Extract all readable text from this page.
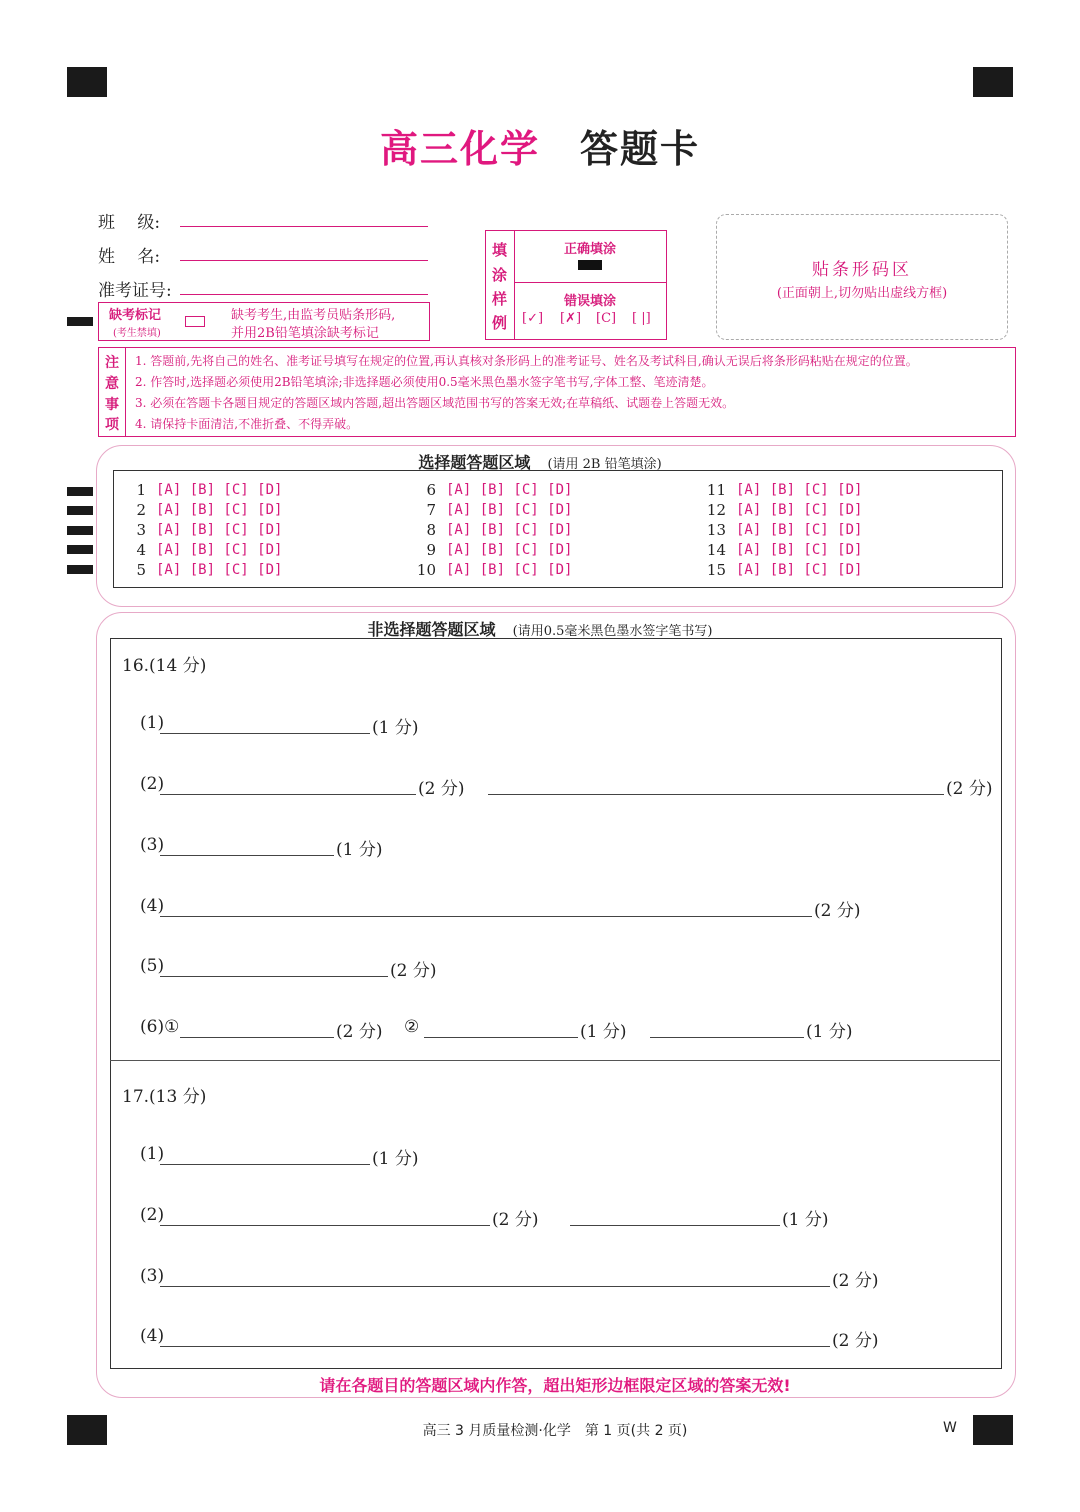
高三化学 答题卡
班　 级:
姓　 名:
准考证号:
缺考标记
(考生禁填)
缺考考生,由监考员贴条形码,
并用2B铅笔填涂缺考标记
填
涂
样
例
正确填涂
错误填涂
[✓] [✗] [C] [ |]
贴条形码区
(正面朝上,切勿贴出虚线方框)
注
意
事
项
1. 答题前,先将自己的姓名、准考证号填写在规定的位置,再认真核对条形码上的准考证号、姓名及考试科目,确认无误后将条形码粘贴在规定的位置。
2. 作答时,选择题必须使用2B铅笔填涂;非选择题必须使用0.5毫米黑色墨水签字笔书写,字体工整、笔迹清楚。
3. 必须在答题卡各题目规定的答题区域内答题,超出答题区域范围书写的答案无效;在草稿纸、试题卷上答题无效。
4. 请保持卡面清洁,不准折叠、不得弄破。
选择题答题区域 (请用 2B 铅笔填涂)
1 [A] [B] [C] [D]
2 [A] [B] [C] [D]
3 [A] [B] [C] [D]
4 [A] [B] [C] [D]
5 [A] [B] [C] [D]
6 [A] [B] [C] [D]
7 [A] [B] [C] [D]
8 [A] [B] [C] [D]
9 [A] [B] [C] [D]
10 [A] [B] [C] [D]
11 [A] [B] [C] [D]
12 [A] [B] [C] [D]
13 [A] [B] [C] [D]
14 [A] [B] [C] [D]
15 [A] [B] [C] [D]
非选择题答题区域 (请用0.5毫米黑色墨水签字笔书写)
16.(14 分)
(1)	(1 分)
(2)	(2 分)	(2 分)
(3)	(1 分)
(4)	(2 分)
(5)	(2 分)
(6)①	(2 分) ②	(1 分)	(1 分)
17.(13 分)
(1)	(1 分)
(2)	(2 分)	(1 分)
(3)	(2 分)
(4)	(2 分)
请在各题目的答题区域内作答，超出矩形边框限定区域的答案无效!
高三 3 月质量检测·化学　第 1 页(共 2 页)	W
